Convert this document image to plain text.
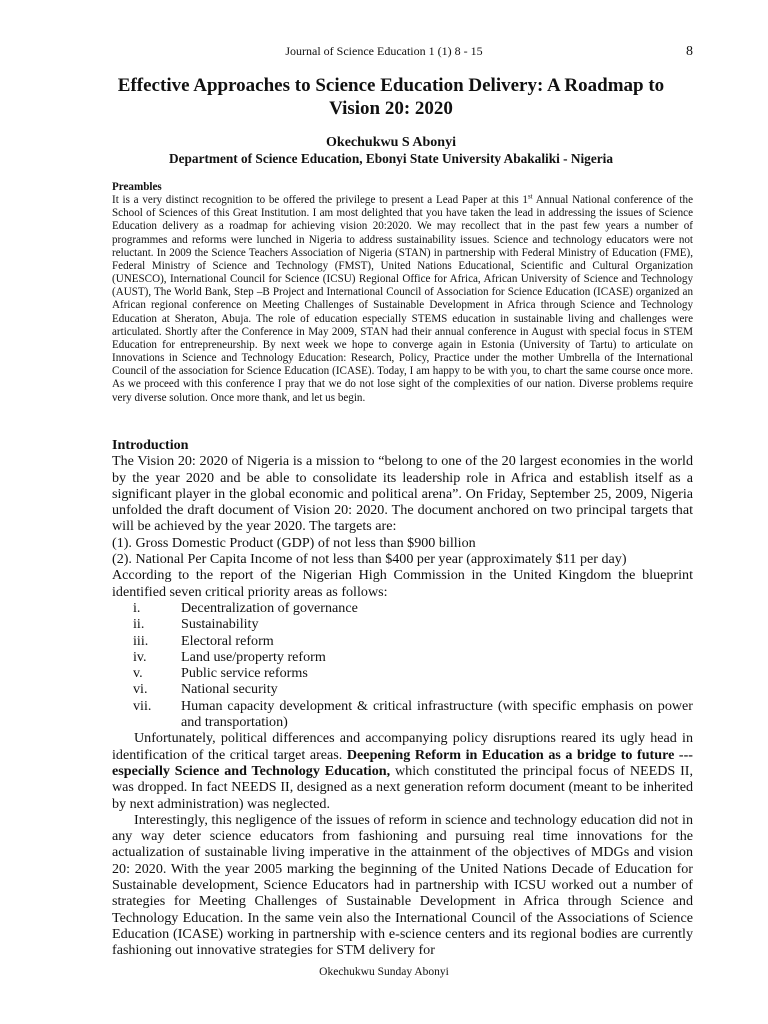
Journal of Science Education 1 (1) 8 - 15	8
Effective Approaches to Science Education Delivery: A Roadmap to Vision 20: 2020
Okechukwu S Abonyi
Department of Science Education, Ebonyi State University Abakaliki - Nigeria
Preambles
It is a very distinct recognition to be offered the privilege to present a Lead Paper at this 1st Annual National conference of the School of Sciences of this Great Institution. I am most delighted that you have taken the lead in addressing the issues of Science Education delivery as a roadmap for achieving vision 20:2020. We may recollect that in the past few years a number of programmes and reforms were lunched in Nigeria to address sustainability issues. Science and technology educators were not reluctant. In 2009 the Science Teachers Association of Nigeria (STAN) in partnership with Federal Ministry of Education (FME), Federal Ministry of Science and Technology (FMST), United Nations Educational, Scientific and Cultural Organization (UNESCO), International Council for Science (ICSU) Regional Office for Africa, African University of Science and Technology (AUST), The World Bank, Step –B Project and International Council of Association for Science Education (ICASE) organized an African regional conference on Meeting Challenges of Sustainable Development in Africa through Science and Technology Education at Sheraton, Abuja. The role of education especially STEMS education in sustainable living and challenges were articulated. Shortly after the Conference in May 2009, STAN had their annual conference in August with special focus in STEM Education for entrepreneurship. By next week we hope to converge again in Estonia (University of Tartu) to articulate on Innovations in Science and Technology Education: Research, Policy, Practice under the mother Umbrella of the International Council of the association for Science Education (ICASE). Today, I am happy to be with you, to chart the same course once more. As we proceed with this conference I pray that we do not lose sight of the complexities of our nation. Diverse problems require very diverse solution. Once more thank, and let us begin.
Introduction

The Vision 20: 2020 of Nigeria is a mission to “belong to one of the 20 largest economies in the world by the year 2020 and be able to consolidate its leadership role in Africa and establish itself as a significant player in the global economic and political arena”. On Friday, September 25, 2009, Nigeria unfolded the draft document of Vision 20: 2020. The document anchored on two principal targets that will be achieved by the year 2020. The targets are:

(1). Gross Domestic Product (GDP) of not less than $900 billion

(2). National Per Capita Income of not less than $400 per year (approximately $11 per day)

According to the report of the Nigerian High Commission in the United Kingdom the blueprint identified seven critical priority areas as follows:

i.	Decentralization of governance
ii.	Sustainability
iii.	Electoral reform
iv.	Land use/property reform
v.	Public service reforms
vi.	National security
vii.	Human capacity development & critical infrastructure (with specific emphasis on power and transportation)

Unfortunately, political differences and accompanying policy disruptions reared its ugly head in identification of the critical target areas. Deepening Reform in Education as a bridge to future --- especially Science and Technology Education, which constituted the principal focus of NEEDS II, was dropped. In fact NEEDS II, designed as a next generation reform document (meant to be inherited by next administration) was neglected.

Interestingly, this negligence of the issues of reform in science and technology education did not in any way deter science educators from fashioning and pursuing real time innovations for the actualization of sustainable living imperative in the attainment of the objectives of MDGs and vision 20: 2020. With the year 2005 marking the beginning of the United Nations Decade of Education for Sustainable development, Science Educators had in partnership with ICSU worked out a number of strategies for Meeting Challenges of Sustainable Development in Africa through Science and Technology Education. In the same vein also the International Council of the Associations of Science Education (ICASE) working in partnership with e-science centers and its regional bodies are currently fashioning out innovative strategies for STM delivery for

Okechukwu Sunday Abonyi
